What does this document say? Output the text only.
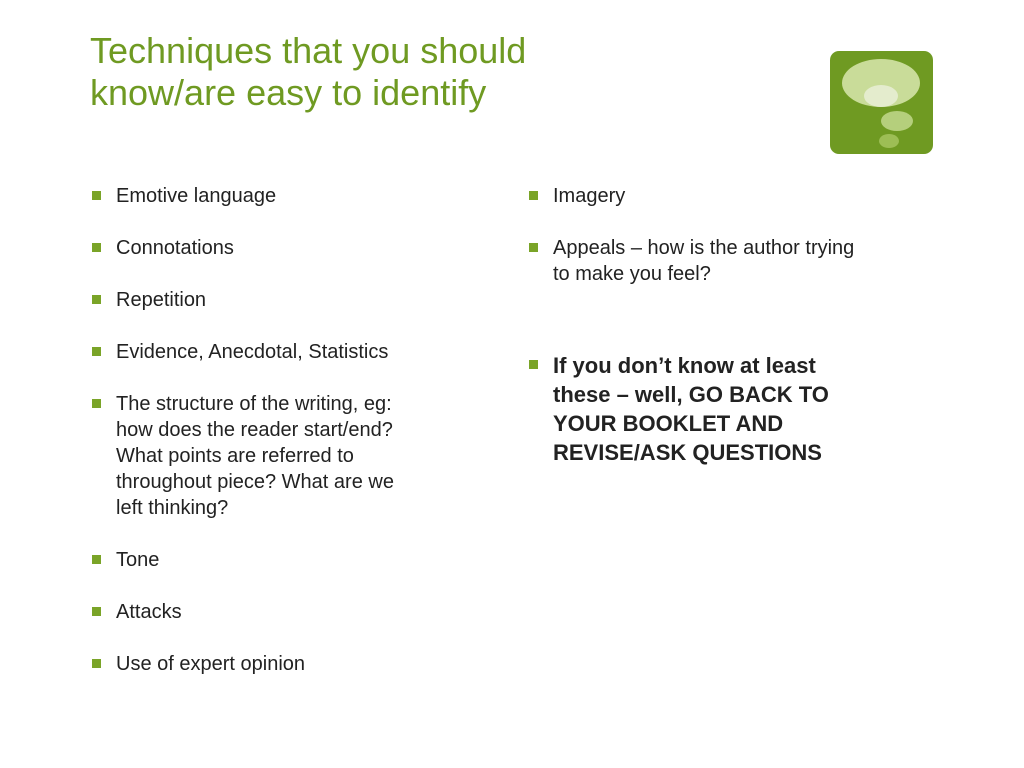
Techniques that you should
know/are easy to identify
Emotive language
Connotations
Repetition
Evidence, Anecdotal, Statistics
The structure of the writing, eg:
how does the reader start/end?
What points are referred to
throughout piece? What are we
left thinking?
Tone
Attacks
Use of expert opinion
Imagery
Appeals – how is the author trying
to make you feel?
If you don’t know at least
these – well, GO BACK TO
YOUR BOOKLET AND
REVISE/ASK QUESTIONS
